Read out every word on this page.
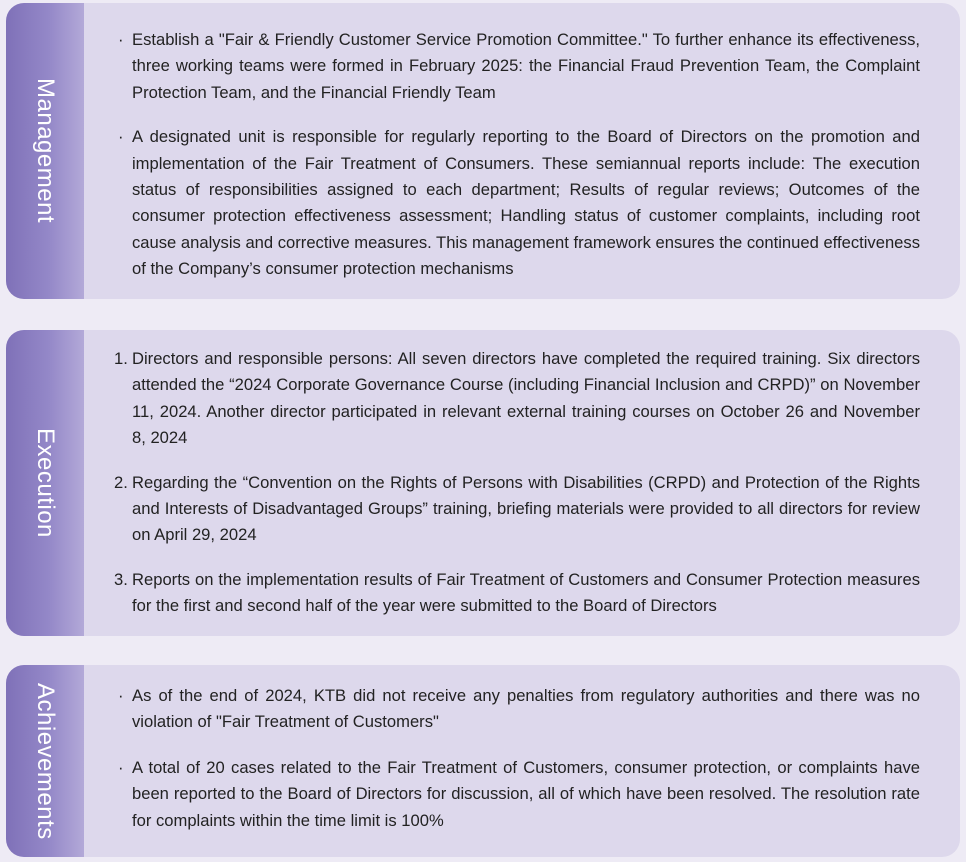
Management

· Establish a "Fair & Friendly Customer Service Promotion Committee." To further enhance its effectiveness, three working teams were formed in February 2025: the Financial Fraud Prevention Team, the Complaint Protection Team, and the Financial Friendly Team

· A designated unit is responsible for regularly reporting to the Board of Directors on the promotion and implementation of the Fair Treatment of Consumers. These semiannual reports include: The execution status of responsibilities assigned to each department; Results of regular reviews; Outcomes of the consumer protection effectiveness assessment; Handling status of customer complaints, including root cause analysis and corrective measures. This management framework ensures the continued effectiveness of the Company’s consumer protection mechanisms

Execution

1. Directors and responsible persons: All seven directors have completed the required training. Six directors attended the “2024 Corporate Governance Course (including Financial Inclusion and CRPD)” on November 11, 2024. Another director participated in relevant external training courses on October 26 and November 8, 2024

2. Regarding the “Convention on the Rights of Persons with Disabilities (CRPD) and Protection of the Rights and Interests of Disadvantaged Groups” training, briefing materials were provided to all directors for review on April 29, 2024

3. Reports on the implementation results of Fair Treatment of Customers and Consumer Protection measures for the first and second half of the year were submitted to the Board of Directors

Achievements	· As of the end of 2024, KTB did not receive any penalties from regulatory authorities and there was no violation of "Fair Treatment of Customers"

· A total of 20 cases related to the Fair Treatment of Customers, consumer protection, or complaints have been reported to the Board of Directors for discussion, all of which have been resolved. The resolution rate for complaints within the time limit is 100%
